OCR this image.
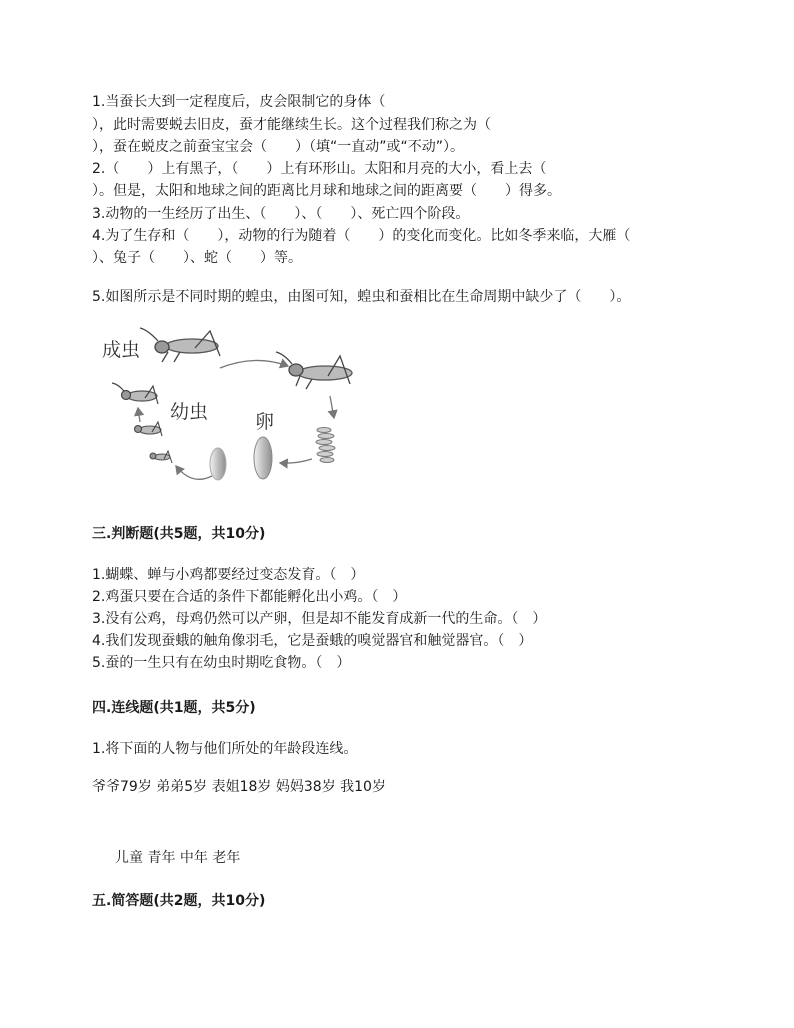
1.当蚕长大到一定程度后，皮会限制它的身体（
），此时需要蜕去旧皮，蚕才能继续生长。这个过程我们称之为（
），蚕在蜕皮之前蚕宝宝会（　　）（填“一直动”或“不动”）。
2.（　　）上有黑子，（　　）上有环形山。太阳和月亮的大小，看上去（
）。但是，太阳和地球之间的距离比月球和地球之间的距离要（　　）得多。
3.动物的一生经历了出生、（　　）、（　　）、死亡四个阶段。
4.为了生存和（　　），动物的行为随着（　　）的变化而变化。比如冬季来临，大雁（
）、兔子（　　）、蛇（　　）等。
5.如图所示是不同时期的蝗虫，由图可知，蝗虫和蚕相比在生命周期中缺少了（　　）。
成虫
幼虫 卵
三.判断题(共5题，共10分)
1.蝴蝶、蝉与小鸡都要经过变态发育。（　）
2.鸡蛋只要在合适的条件下都能孵化出小鸡。（　）
3.没有公鸡，母鸡仍然可以产卵，但是却不能发育成新一代的生命。（　）
4.我们发现蚕蛾的触角像羽毛，它是蚕蛾的嗅觉器官和触觉器官。（　）
5.蚕的一生只有在幼虫时期吃食物。（　）
四.连线题(共1题，共5分)
1.将下面的人物与他们所处的年龄段连线。
爷爷79岁 弟弟5岁 表姐18岁 妈妈38岁 我10岁
儿童 青年 中年 老年
五.简答题(共2题，共10分)
